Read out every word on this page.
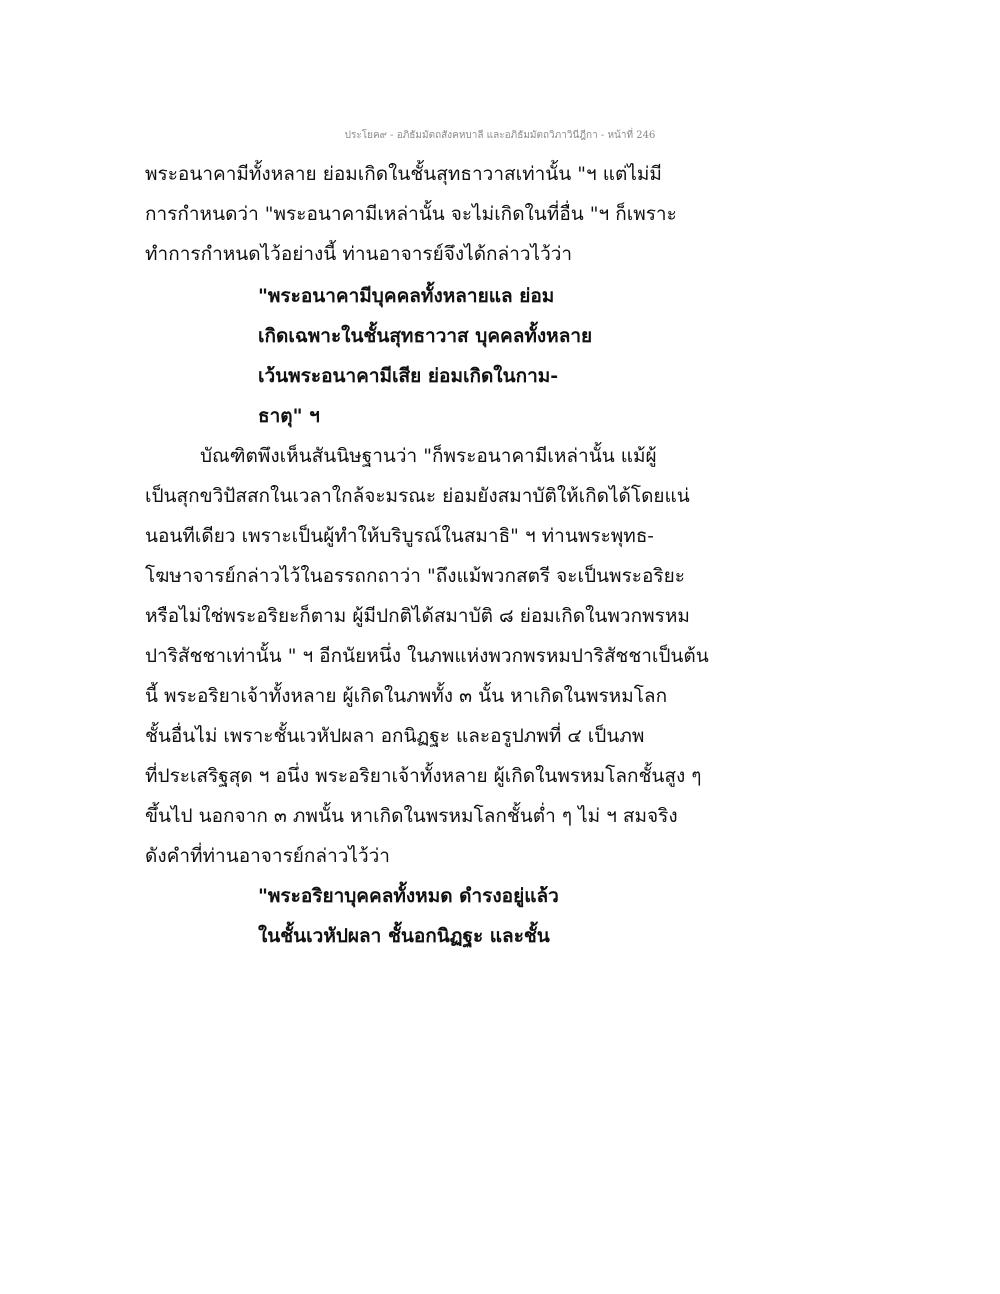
ประโยค๙ - อภิธัมมัตถสังคหบาลี และอภิธัมมัตถวิภาวินีฎีกา - หน้าที่ 246
พระอนาคามีทั้งหลาย ย่อมเกิดในชั้นสุทธาวาสเท่านั้น "ฯ แต่ไม่มี
การกำหนดว่า "พระอนาคามีเหล่านั้น จะไม่เกิดในที่อื่น "ฯ ก็เพราะ
ทำการกำหนดไว้อย่างนี้ ท่านอาจารย์จึงได้กล่าวไว้ว่า
"พระอนาคามีบุคคลทั้งหลายแล ย่อม
เกิดเฉพาะในชั้นสุทธาวาส บุคคลทั้งหลาย
เว้นพระอนาคามีเสีย ย่อมเกิดในกาม-
ธาตุ" ฯ
บัณฑิตพึงเห็นสันนิษฐานว่า "ก็พระอนาคามีเหล่านั้น แม้ผู้
เป็นสุกขวิปัสสกในเวลาใกล้จะมรณะ ย่อมยังสมาบัติให้เกิดได้โดยแน่
นอนทีเดียว เพราะเป็นผู้ทำให้บริบูรณ์ในสมาธิ" ฯ ท่านพระพุทธ-
โฆษาจารย์กล่าวไว้ในอรรถกถาว่า "ถึงแม้พวกสตรี จะเป็นพระอริยะ
หรือไม่ใช่พระอริยะก็ตาม ผู้มีปกติได้สมาบัติ ๘ ย่อมเกิดในพวกพรหม
ปาริสัชชาเท่านั้น " ฯ อีกนัยหนึ่ง ในภพแห่งพวกพรหมปาริสัชชาเป็นต้น
นี้ พระอริยาเจ้าทั้งหลาย ผู้เกิดในภพทั้ง ๓ นั้น หาเกิดในพรหมโลก
ชั้นอื่นไม่ เพราะชั้นเวหัปผลา อกนิฏฐะ และอรูปภพที่ ๔ เป็นภพ
ที่ประเสริฐสุด ฯ อนึ่ง พระอริยาเจ้าทั้งหลาย ผู้เกิดในพรหมโลกชั้นสูง ๆ
ขึ้นไป นอกจาก ๓ ภพนั้น หาเกิดในพรหมโลกชั้นต่ำ ๆ ไม่ ฯ สมจริง
ดังคำที่ท่านอาจารย์กล่าวไว้ว่า
"พระอริยาบุคคลทั้งหมด ดำรงอยู่แล้ว
ในชั้นเวหัปผลา ชั้นอกนิฏฐะ และชั้น
